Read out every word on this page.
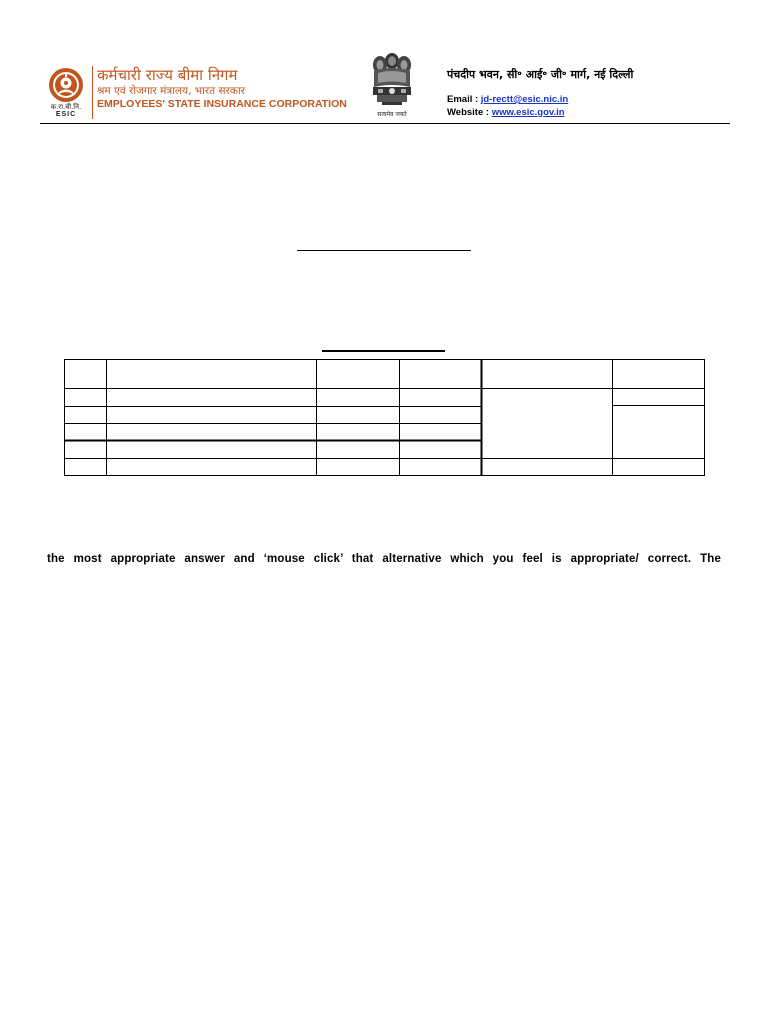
क.रा.बी.नि.
ESIC
कर्मचारी राज्य बीमा निगम
श्रम एवं रोजगार मंत्रालय, भारत सरकार
EMPLOYEES' STATE INSURANCE CORPORATION
सत्यमेव जयते
पंचदीप भवन, सी॰ आई॰ जी॰ मार्ग, नई दिल्ली
Email : jd-rectt@esic.nic.in
Website : www.esic.gov.in
the most appropriate answer and ‘mouse click’ that alternative which you feel is appropriate/ correct. The
